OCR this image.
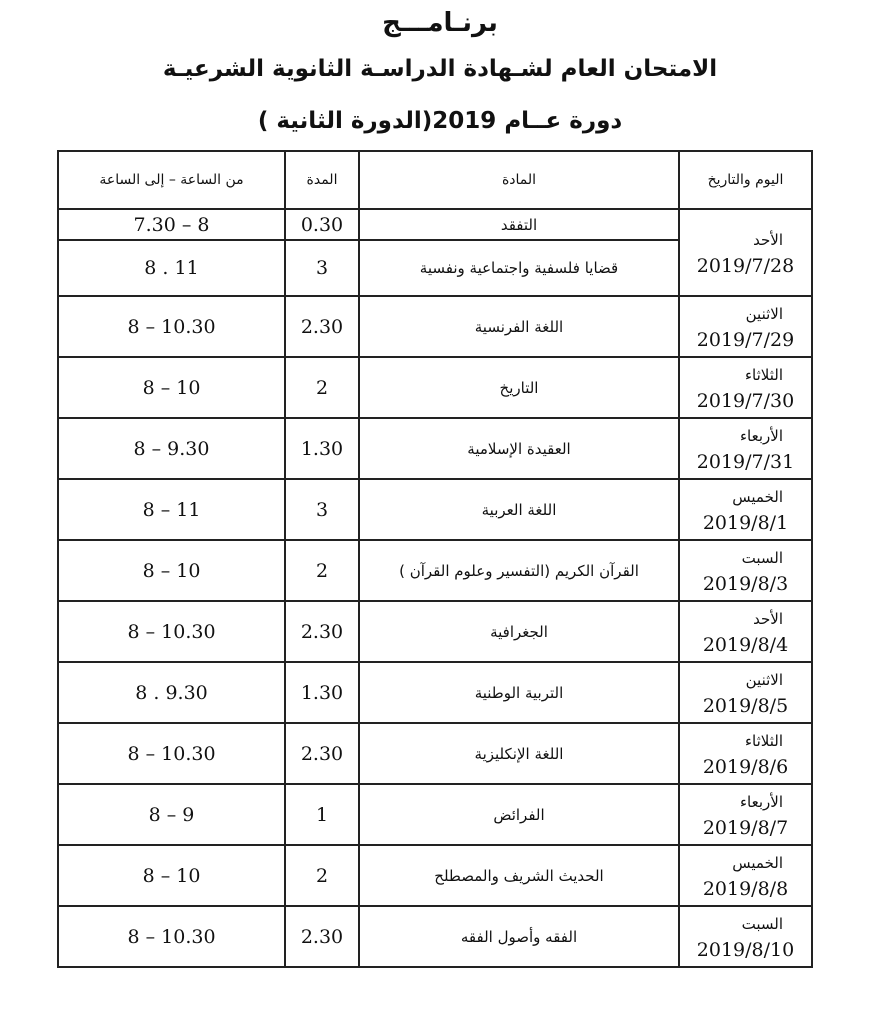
برنـامـــج
الامتحان العام لشـهادة الدراسـة الثانوية الشرعيـة
دورة عــام 2019(الدورة الثانية )
اليوم والتاريخ	المادة	المدة	من الساعة – إلى الساعة

الأحد
2019/7/28	التفقد	0.30	7.30 – 8
	قضايا فلسفية واجتماعية ونفسية	3	8 . 11

الاثنين
2019/7/29	اللغة الفرنسية	2.30	8 – 10.30

الثلاثاء
2019/7/30	التاريخ	2	8 – 10

الأربعاء
2019/7/31	العقيدة الإسلامية	1.30	8 – 9.30

الخميس
2019/8/1	اللغة العربية	3	8 – 11

السبت
2019/8/3	القرآن الكريم (التفسير وعلوم القرآن )	2	8 – 10

الأحد
2019/8/4	الجغرافية	2.30	8 – 10.30

الاثنين
2019/8/5	التربية الوطنية	1.30	8 . 9.30

الثلاثاء
2019/8/6	اللغة الإنكليزية	2.30	8 – 10.30

الأربعاء
2019/8/7	الفرائض	1	8 – 9

الخميس
2019/8/8	الحديث الشريف والمصطلح	2	8 – 10

السبت
2019/8/10	الفقه وأصول الفقه	2.30	8 – 10.30
